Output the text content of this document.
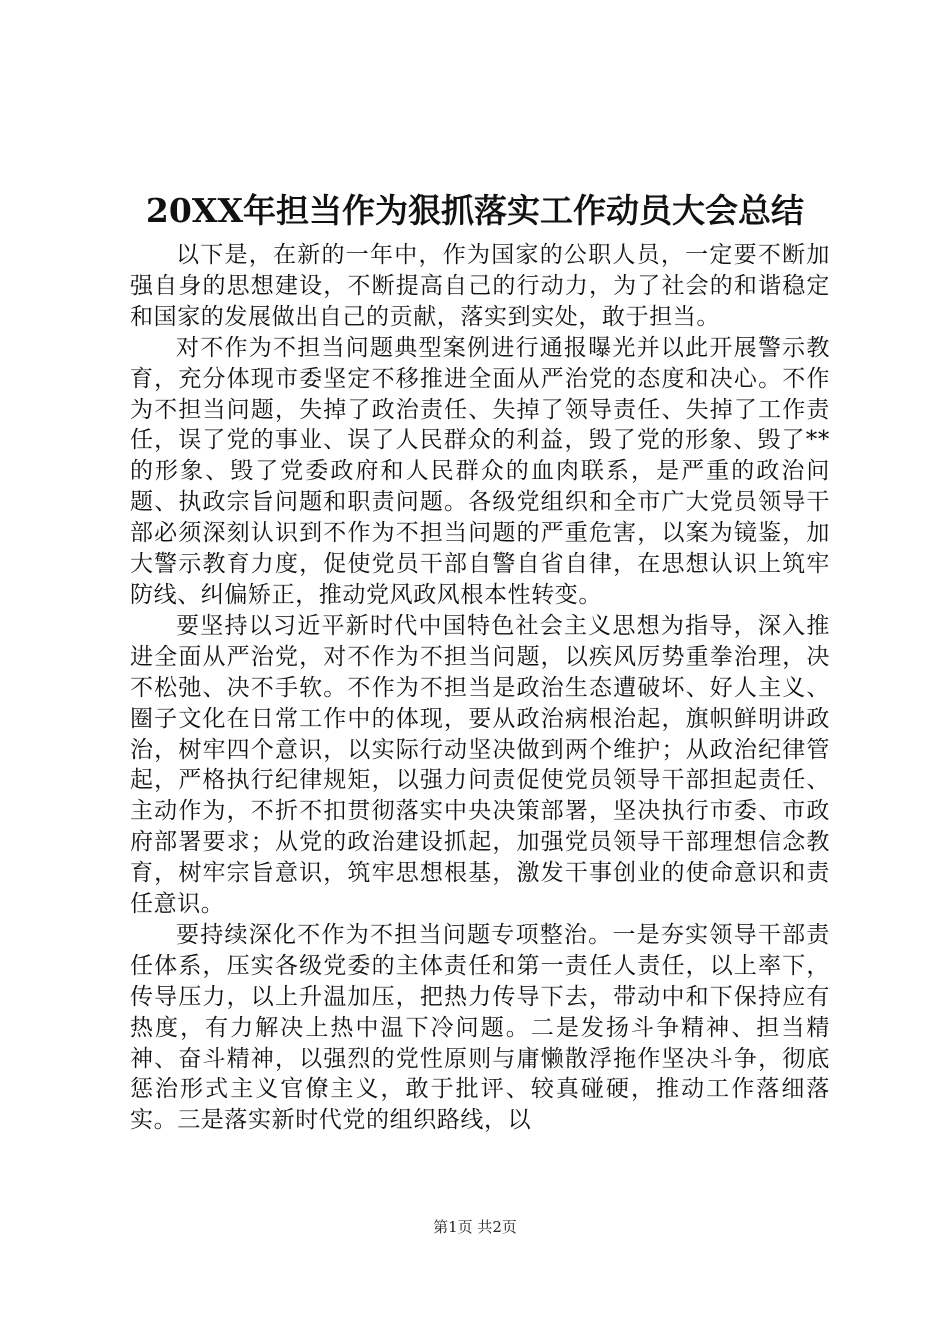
20XX年担当作为狠抓落实工作动员大会总结

以下是，在新的一年中，作为国家的公职人员，一定要不断加强自身的思想建设，不断提高自己的行动力，为了社会的和谐稳定和国家的发展做出自己的贡献，落实到实处，敢于担当。

对不作为不担当问题典型案例进行通报曝光并以此开展警示教育，充分体现市委坚定不移推进全面从严治党的态度和决心。不作为不担当问题，失掉了政治责任、失掉了领导责任、失掉了工作责任，误了党的事业、误了人民群众的利益，毁了党的形象、毁了**的形象、毁了党委政府和人民群众的血肉联系，是严重的政治问题、执政宗旨问题和职责问题。各级党组织和全市广大党员领导干部必须深刻认识到不作为不担当问题的严重危害，以案为镜鉴，加大警示教育力度，促使党员干部自警自省自律，在思想认识上筑牢防线、纠偏矫正，推动党风政风根本性转变。

要坚持以习近平新时代中国特色社会主义思想为指导，深入推进全面从严治党，对不作为不担当问题，以疾风厉势重拳治理，决不松弛、决不手软。不作为不担当是政治生态遭破坏、好人主义、圈子文化在日常工作中的体现，要从政治病根治起，旗帜鲜明讲政治，树牢四个意识，以实际行动坚决做到两个维护；从政治纪律管起，严格执行纪律规矩，以强力问责促使党员领导干部担起责任、主动作为，不折不扣贯彻落实中央决策部署，坚决执行市委、市政府部署要求；从党的政治建设抓起，加强党员领导干部理想信念教育，树牢宗旨意识，筑牢思想根基，激发干事创业的使命意识和责任意识。

要持续深化不作为不担当问题专项整治。一是夯实领导干部责任体系，压实各级党委的主体责任和第一责任人责任，以上率下，传导压力，以上升温加压，把热力传导下去，带动中和下保持应有热度，有力解决上热中温下冷问题。二是发扬斗争精神、担当精神、奋斗精神，以强烈的党性原则与庸懒散浮拖作坚决斗争，彻底惩治形式主义官僚主义，敢于批评、较真碰硬，推动工作落细落实。三是落实新时代党的组织路线，以

第1页 共2页
